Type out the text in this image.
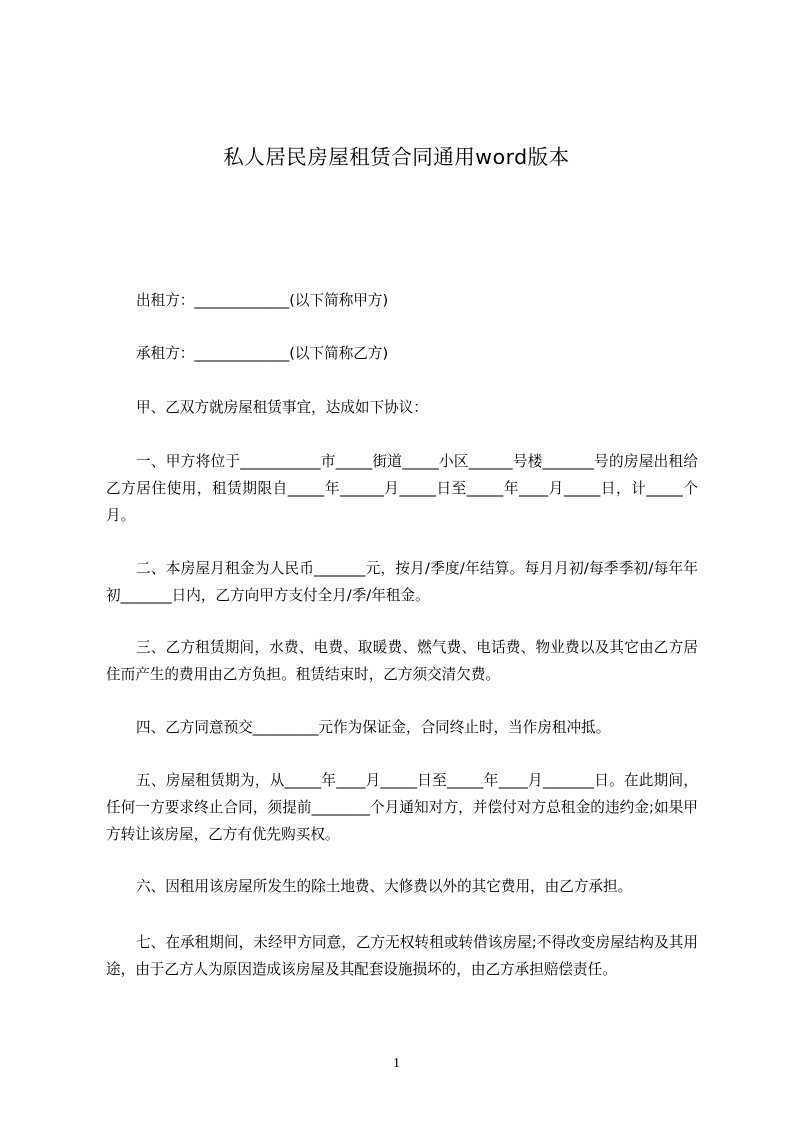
私人居民房屋租赁合同通用word版本
出租方：_____________(以下简称甲方)
承租方：_____________(以下简称乙方)
甲、乙双方就房屋租赁事宜，达成如下协议：
一、甲方将位于___________市_____街道_____小区______号楼_______号的房屋出租给乙方居住使用，租赁期限自_____年______月_____日至_____年____月_____日，计_____个月。
二、本房屋月租金为人民币_______元，按月/季度/年结算。每月月初/每季季初/每年年初_______日内，乙方向甲方支付全月/季/年租金。
三、乙方租赁期间，水费、电费、取暖费、燃气费、电话费、物业费以及其它由乙方居住而产生的费用由乙方负担。租赁结束时，乙方须交清欠费。
四、乙方同意预交_________元作为保证金，合同终止时，当作房租冲抵。
五、房屋租赁期为，从_____年____月_____日至_____年____月_______日。在此期间，任何一方要求终止合同，须提前________个月通知对方，并偿付对方总租金的违约金;如果甲方转让该房屋，乙方有优先购买权。
六、因租用该房屋所发生的除土地费、大修费以外的其它费用，由乙方承担。
七、在承租期间，未经甲方同意，乙方无权转租或转借该房屋;不得改变房屋结构及其用途，由于乙方人为原因造成该房屋及其配套设施损坏的，由乙方承担赔偿责任。
1
